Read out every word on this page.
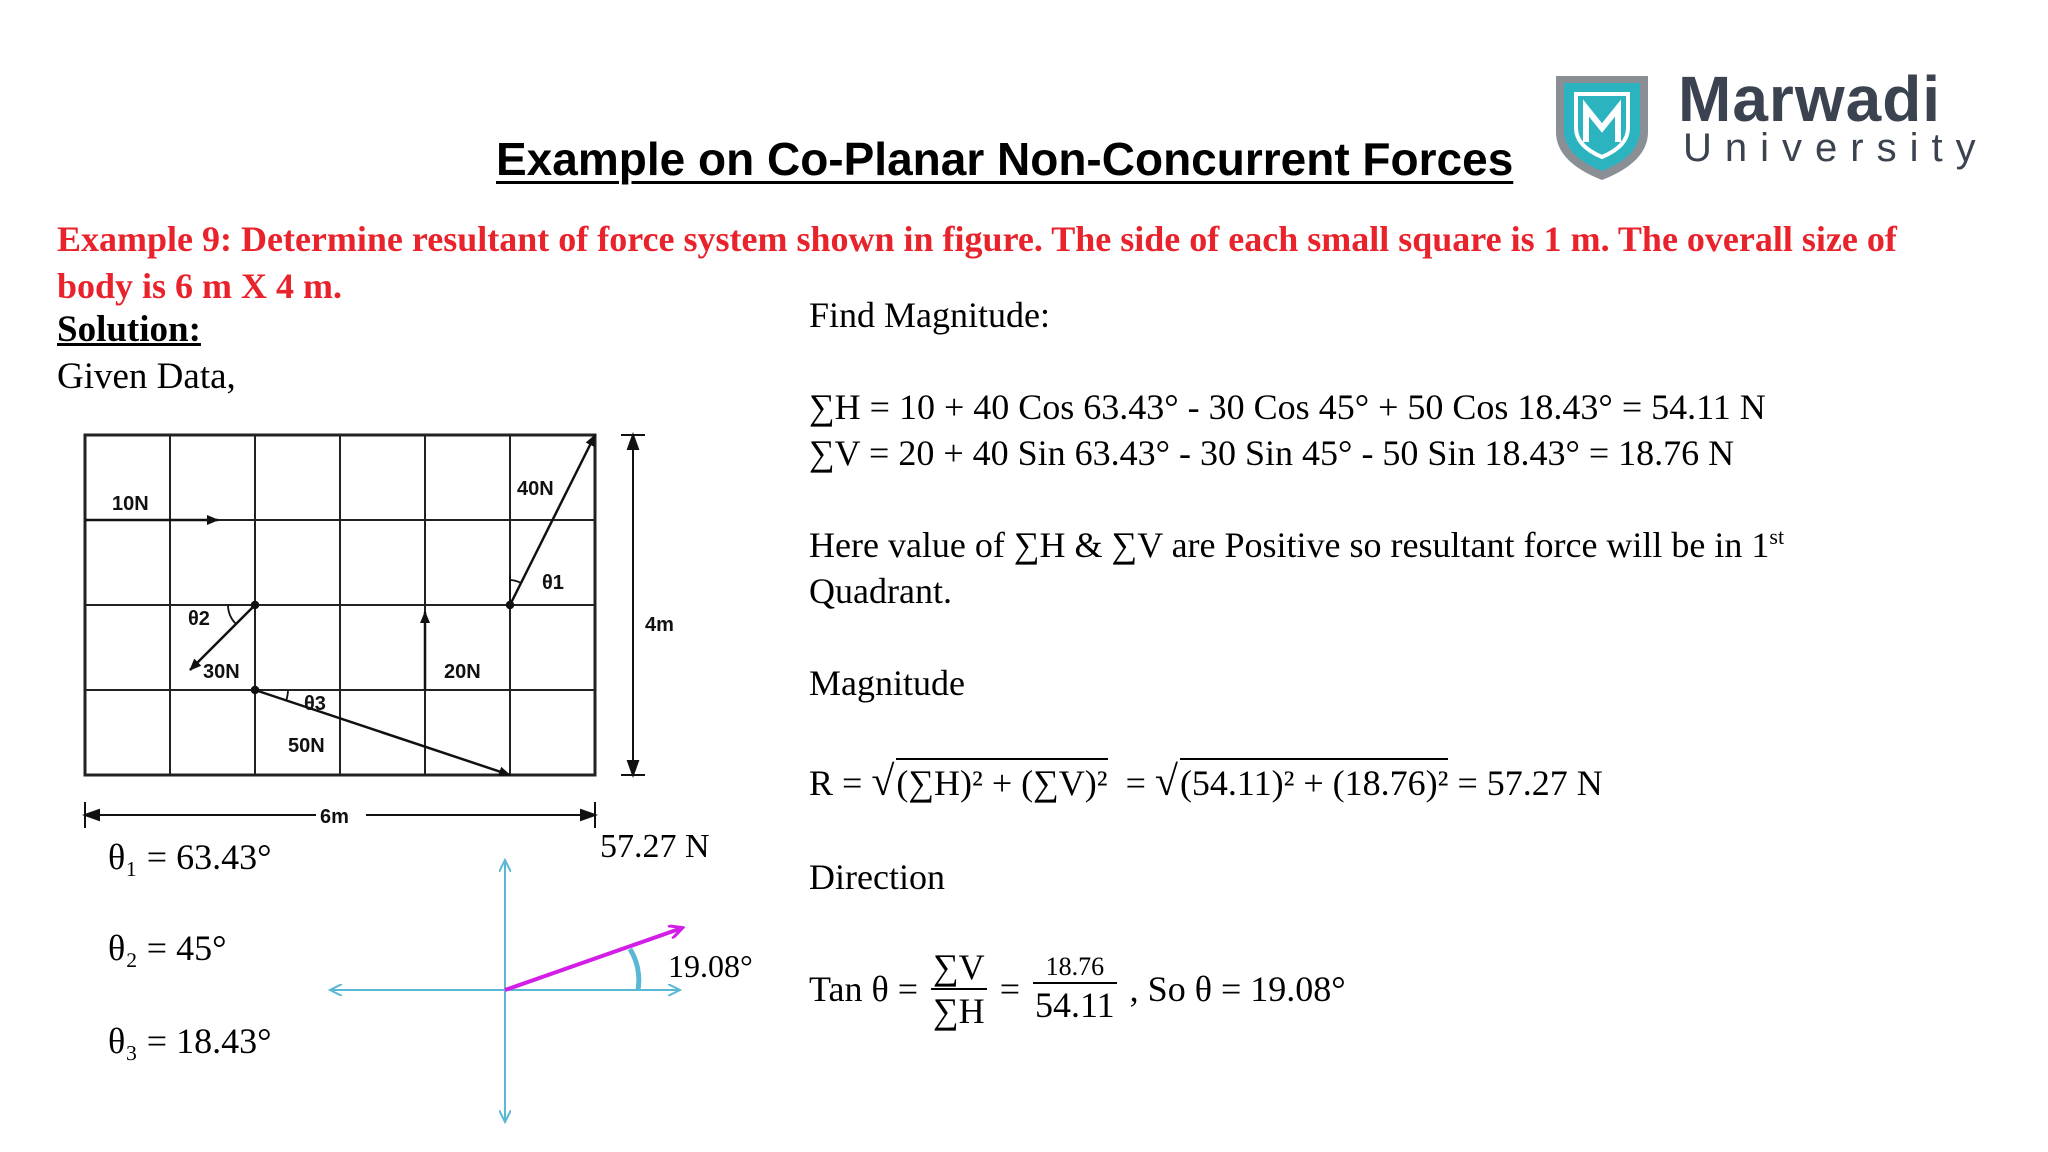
Example on Co-Planar Non-Concurrent Forces
Marwadi
University
Example 9: Determine resultant of force system shown in figure. The side of each small square is 1 m. The overall size of body is 6 m X 4 m.
Solution:
Given Data,
4m
6m
10N
40N
30N	20N
50N
θ1
θ2
θ3
θ₁ = 63.43°
θ₂ = 45°
θ₃ = 18.43°
57.27 N
19.08°
Find Magnitude:
∑H = 10 + 40 Cos 63.43° - 30 Cos 45° + 50 Cos 18.43° = 54.11 N
∑V = 20 + 40 Sin 63.43° - 30 Sin 45° - 50 Sin 18.43° = 18.76 N
Here value of ∑H & ∑V are Positive so resultant force will be in 1st
Quadrant.
Magnitude
R = √(∑H)² + (∑V)² = √(54.11)² + (18.76)² = 57.27 N
Direction
Tan $\theta = \frac{\sum V}{\sum H} = \frac{18.76}{54.11}$ , So θ = 19.08°
